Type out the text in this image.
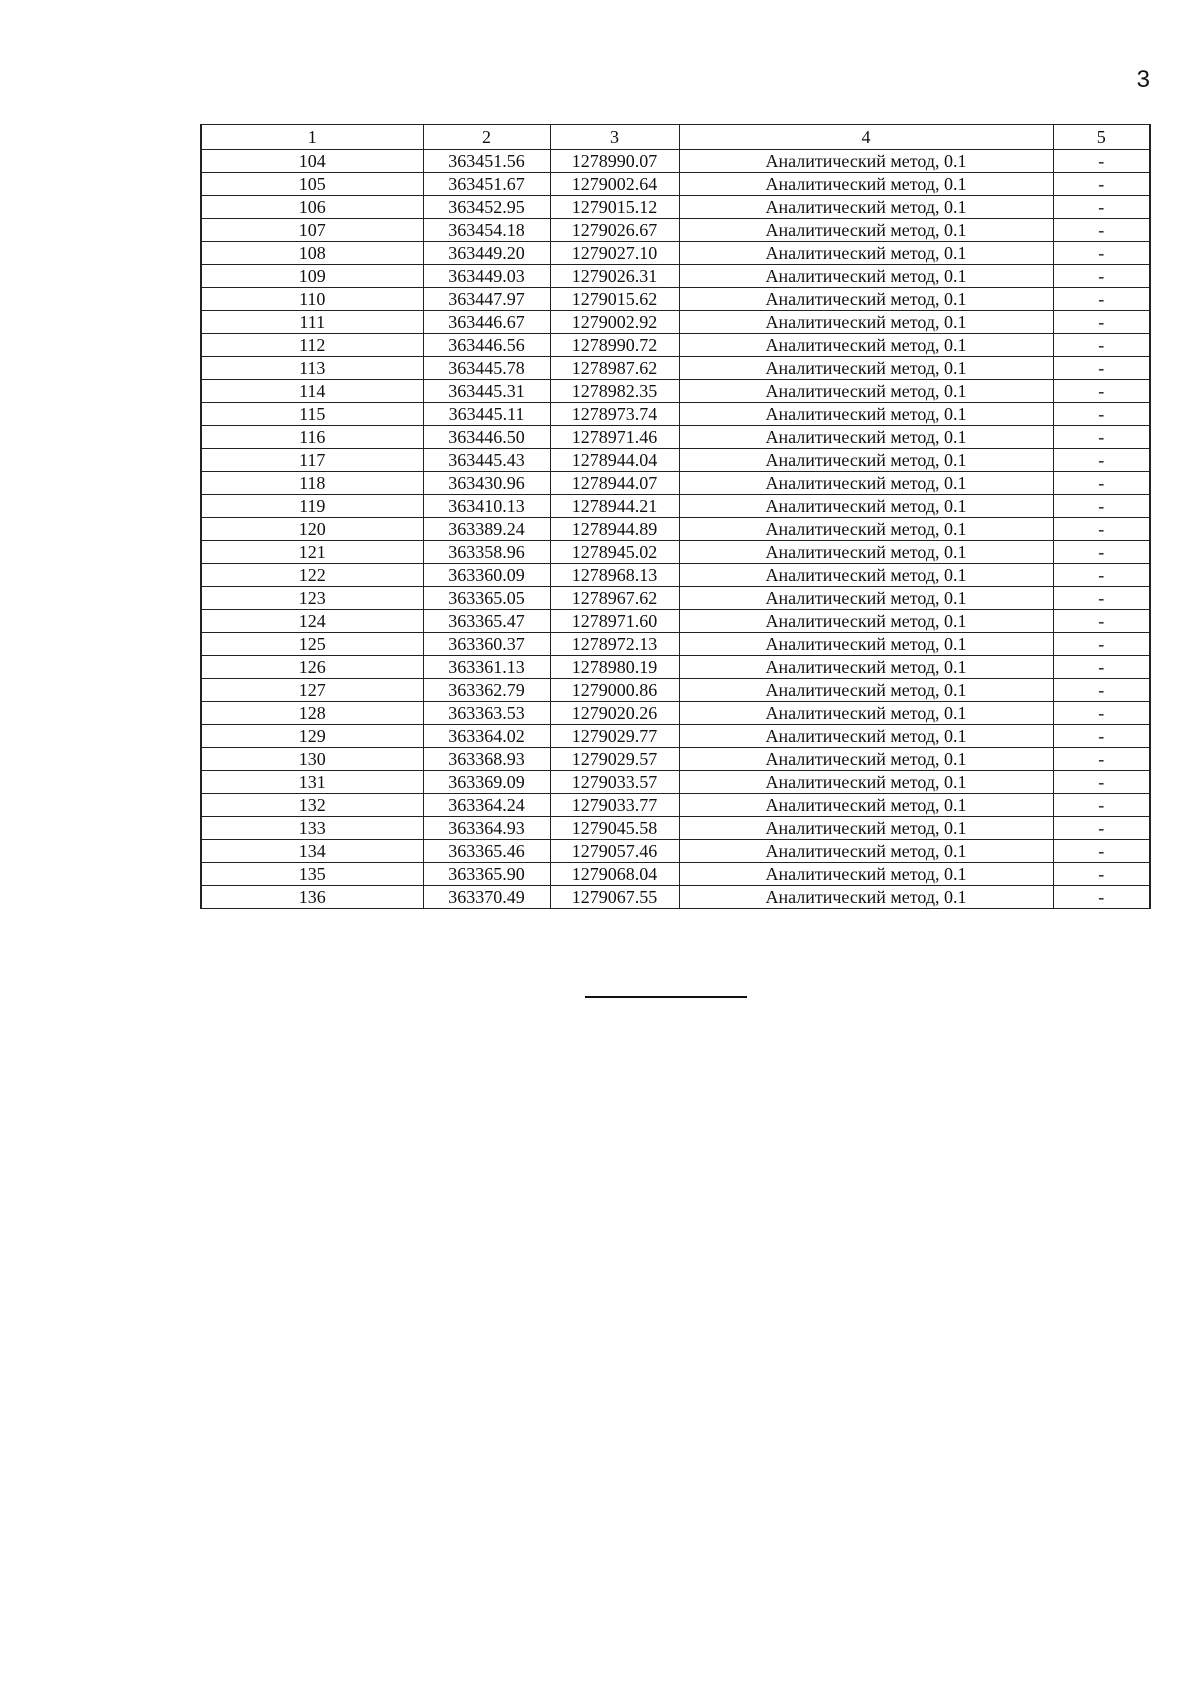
3
1	2	3	4	5
104	363451.56	1278990.07	Аналитический метод, 0.1	-
105	363451.67	1279002.64	Аналитический метод, 0.1	-
106	363452.95	1279015.12	Аналитический метод, 0.1	-
107	363454.18	1279026.67	Аналитический метод, 0.1	-
108	363449.20	1279027.10	Аналитический метод, 0.1	-
109	363449.03	1279026.31	Аналитический метод, 0.1	-
110	363447.97	1279015.62	Аналитический метод, 0.1	-
111	363446.67	1279002.92	Аналитический метод, 0.1	-
112	363446.56	1278990.72	Аналитический метод, 0.1	-
113	363445.78	1278987.62	Аналитический метод, 0.1	-
114	363445.31	1278982.35	Аналитический метод, 0.1	-
115	363445.11	1278973.74	Аналитический метод, 0.1	-
116	363446.50	1278971.46	Аналитический метод, 0.1	-
117	363445.43	1278944.04	Аналитический метод, 0.1	-
118	363430.96	1278944.07	Аналитический метод, 0.1	-
119	363410.13	1278944.21	Аналитический метод, 0.1	-
120	363389.24	1278944.89	Аналитический метод, 0.1	-
121	363358.96	1278945.02	Аналитический метод, 0.1	-
122	363360.09	1278968.13	Аналитический метод, 0.1	-
123	363365.05	1278967.62	Аналитический метод, 0.1	-
124	363365.47	1278971.60	Аналитический метод, 0.1	-
125	363360.37	1278972.13	Аналитический метод, 0.1	-
126	363361.13	1278980.19	Аналитический метод, 0.1	-
127	363362.79	1279000.86	Аналитический метод, 0.1	-
128	363363.53	1279020.26	Аналитический метод, 0.1	-
129	363364.02	1279029.77	Аналитический метод, 0.1	-
130	363368.93	1279029.57	Аналитический метод, 0.1	-
131	363369.09	1279033.57	Аналитический метод, 0.1	-
132	363364.24	1279033.77	Аналитический метод, 0.1	-
133	363364.93	1279045.58	Аналитический метод, 0.1	-
134	363365.46	1279057.46	Аналитический метод, 0.1	-
135	363365.90	1279068.04	Аналитический метод, 0.1	-
136	363370.49	1279067.55	Аналитический метод, 0.1	-
